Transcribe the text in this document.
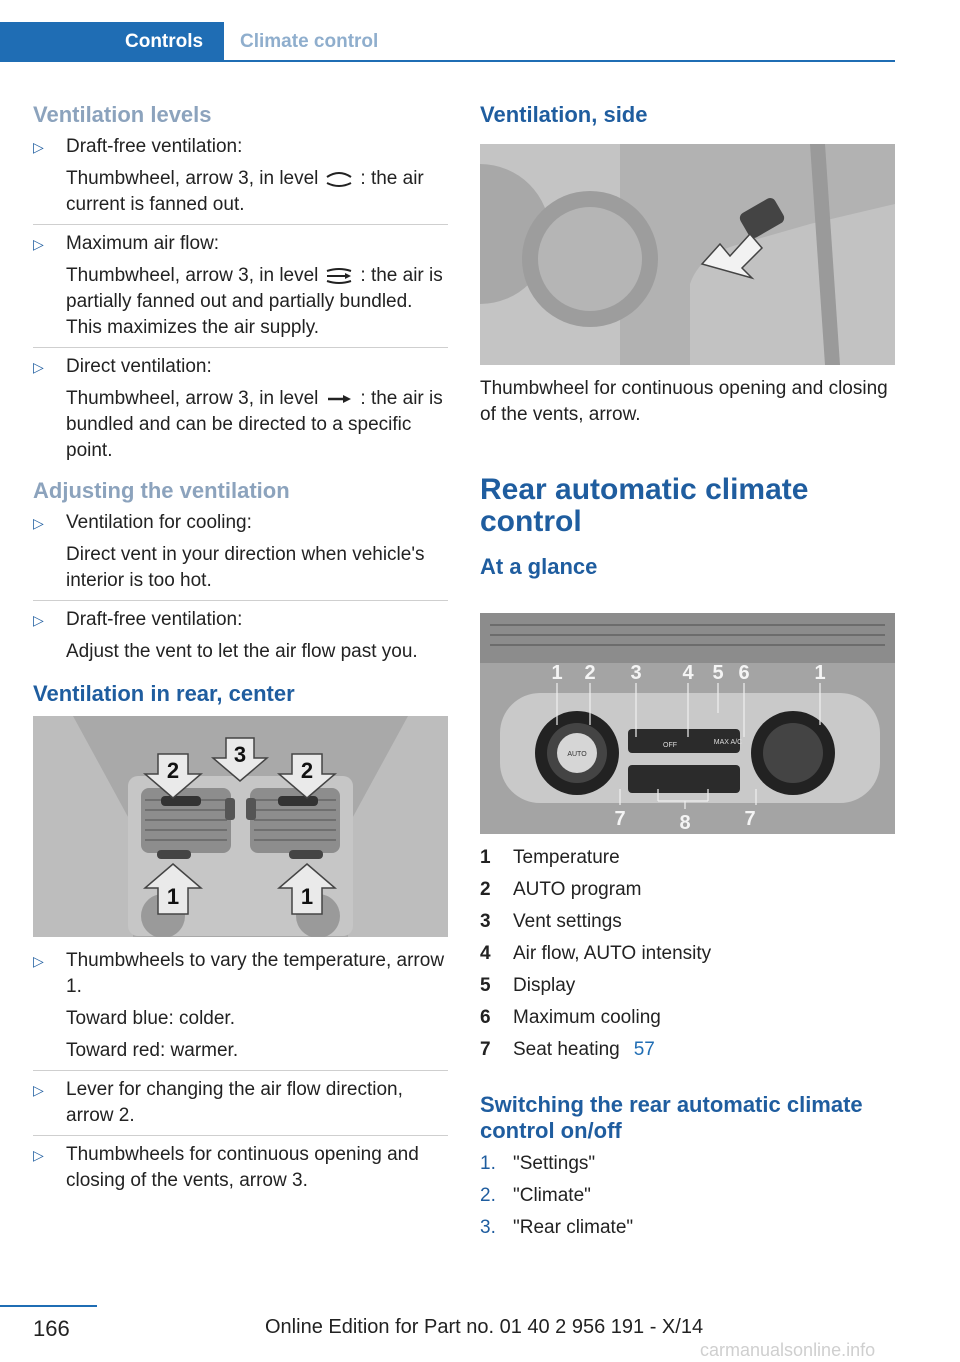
Controls	Climate control
Ventilation levels
▷ Draft-free ventilation:

Thumbwheel, arrow 3, in level : the air current is fanned out.

▷ Maximum air flow:

Thumbwheel, arrow 3, in level : the air is partially fanned out and partially bundled. This maximizes the air supply.

▷ Direct ventilation:

Thumbwheel, arrow 3, in level : the air is bundled and can be directed to a specific point.

Adjusting the ventilation
▷ Ventilation for cooling:

Direct vent in your direction when vehicle's interior is too hot.

▷ Draft-free ventilation:

Adjust the vent to let the air flow past you.

Ventilation in rear, center
2
3
2
1	1
▷ Thumbwheels to vary the temperature, arrow 1.

Toward blue: colder.

Toward red: warmer.

▷ Lever for changing the air flow direction, arrow 2.

▷ Thumbwheels for continuous opening and closing of the vents, arrow 3.

Ventilation, side
Thumbwheel for continuous opening and closing of the vents, arrow.
Rear automatic climate control
At a glance
AUTO
OFF	MAX A/C
1 2 3 4 5 6	1
7	8	7
1	Temperature
2	AUTO program
3	Vent settings
4	Air flow, AUTO intensity
5	Display
6	Maximum cooling
7	Seat heating 57
Switching the rear automatic climate control on/off
1. "Settings"
2. "Climate"
3. "Rear climate"
166	Online Edition for Part no. 01 40 2 956 191 - X/14
carmanualsonline.info
